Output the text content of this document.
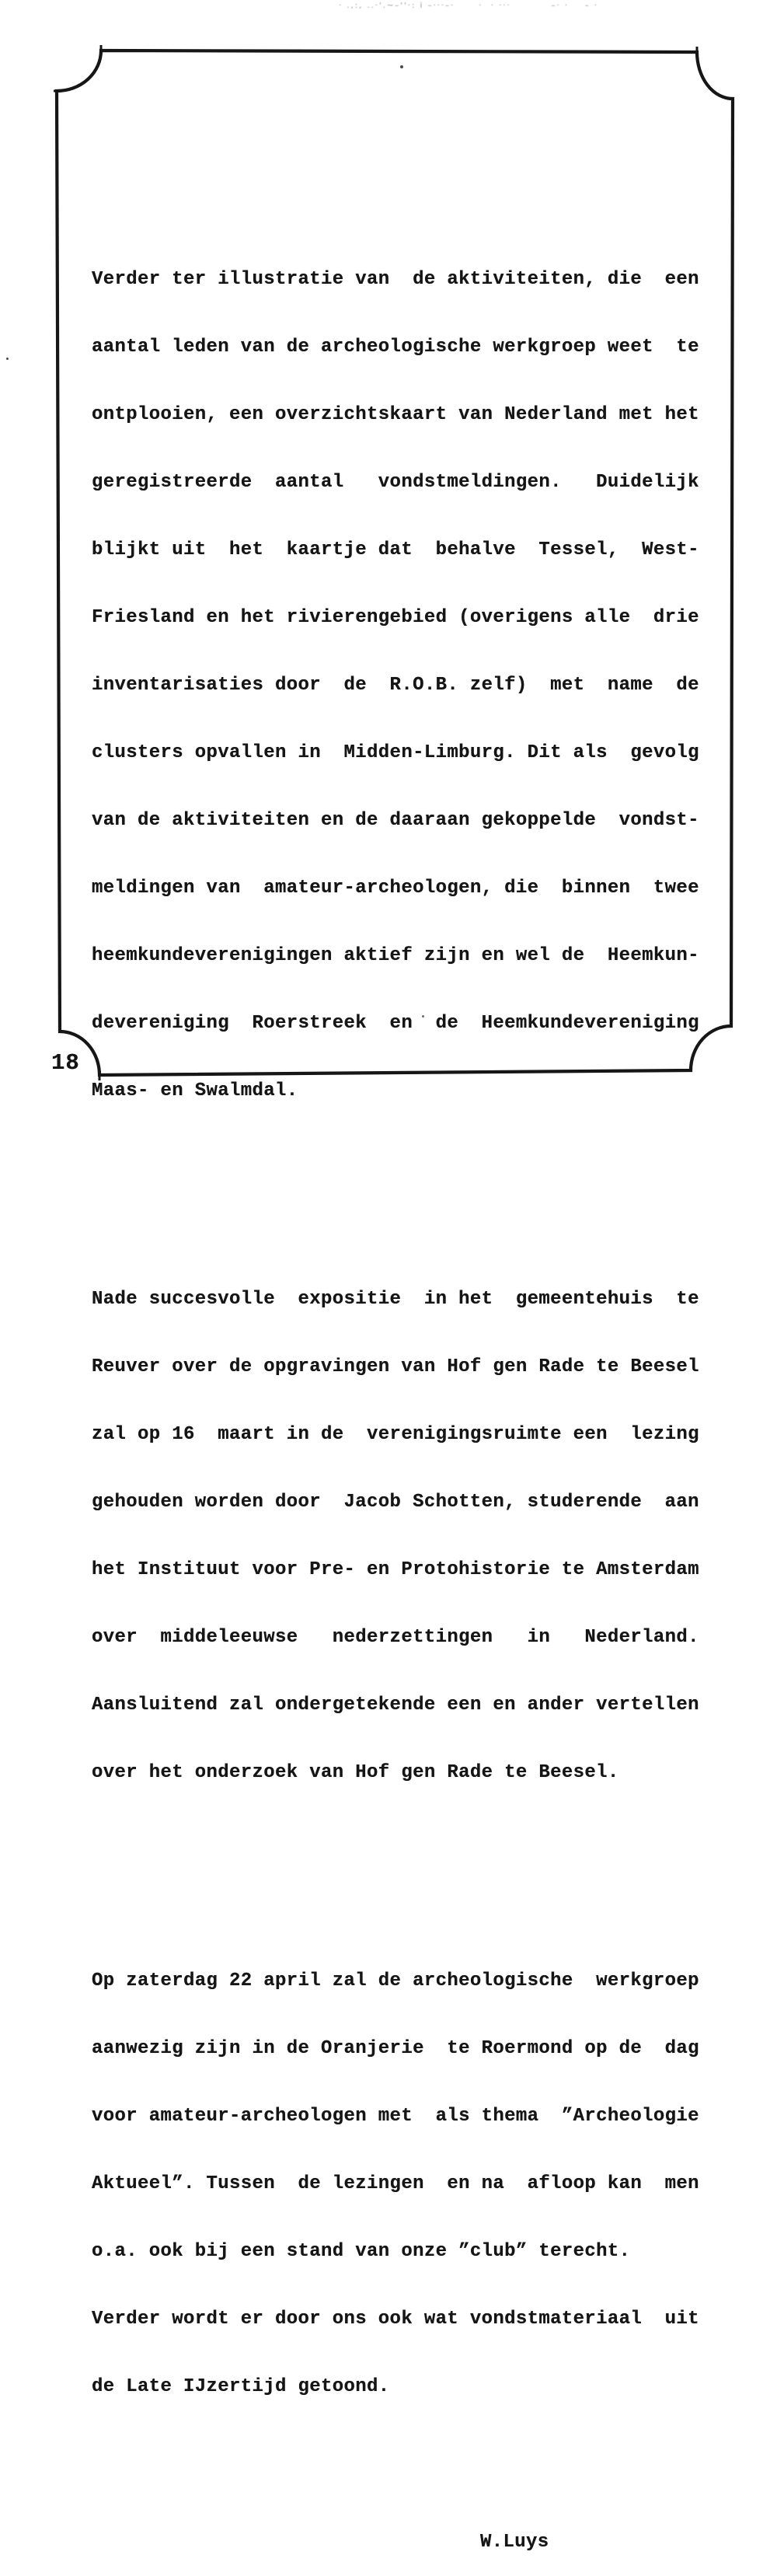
· .,:, ..·'.~–''·: i –···–·      ·  · ···          –· ·    – ·

Verder ter illustratie van  de aktiviteiten, die  een

aantal leden van de archeologische werkgroep weet  te

ontplooien, een overzichtskaart van Nederland met het

geregistreerde  aantal   vondstmeldingen.   Duidelijk

blijkt uit  het  kaartje dat  behalve  Tessel,  West-

Friesland en het rivierengebied (overigens alle  drie

inventarisaties door  de  R.O.B. zelf)  met  name  de

clusters opvallen in  Midden-Limburg. Dit als  gevolg

van de aktiviteiten en de daaraan gekoppelde  vondst-

meldingen van  amateur-archeologen, die  binnen  twee

heemkundeverenigingen aktief zijn en wel de  Heemkun-

devereniging  Roerstreek  en  de  Heemkundevereniging

Maas- en Swalmdal.

Nade succesvolle  expositie  in het  gemeentehuis  te

Reuver over de opgravingen van Hof gen Rade te Beesel

zal op 16  maart in de  verenigingsruimte een  lezing

gehouden worden door  Jacob Schotten, studerende  aan

het Instituut voor Pre- en Protohistorie te Amsterdam

over  middeleeuwse   nederzettingen   in   Nederland.

Aansluitend zal ondergetekende een en ander vertellen

over het onderzoek van Hof gen Rade te Beesel.

Op zaterdag 22 april zal de archeologische  werkgroep

aanwezig zijn in de Oranjerie  te Roermond op de  dag

voor amateur-archeologen met  als thema  ”Archeologie

Aktueel”. Tussen  de lezingen  en na  afloop kan  men

o.a. ook bij een stand van onze ”club” terecht.

Verder wordt er door ons ook wat vondstmateriaal  uit

de Late IJzertijd getoond.

W.Luys

18
